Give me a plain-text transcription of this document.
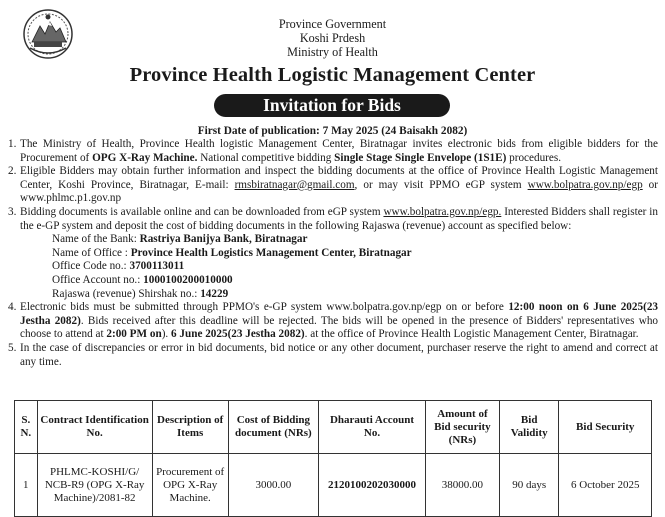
Province Government
Koshi Prdesh
Ministry of Health
Province Health Logistic Management Center
Invitation for Bids
First Date of publication: 7 May 2025 (24 Baisakh 2082)
1. The Ministry of Health, Province Health logistic Management Center, Biratnagar invites electronic bids from eligible bidders for the Procurement of OPG X-Ray Machine. National competitive bidding Single Stage Single Envelope (1S1E) procedures.
2. Eligible Bidders may obtain further information and inspect the bidding documents at the office of Province Health Logistic Management Center, Koshi Province, Biratnagar, E-mail: rmsbiratnagar@gmail.com, or may visit PPMO eGP system www.bolpatra.gov.np/egp or www.phlmc.p1.gov.np
3. Bidding documents is available online and can be downloaded from eGP system www.bolpatra.gov.np/egp. Interested Bidders shall register in the e-GP system and deposit the cost of bidding documents in the following Rajaswa (revenue) account as specified below:
Name of the Bank: Rastriya Banijya Bank, Biratnagar
Name of Office : Province Health Logistics Management Center, Biratnagar
Office Code no.: 3700113011
Office Account no.: 1000100200010000
Rajaswa (revenue) Shirshak no.: 14229
4. Electronic bids must be submitted through PPMO's e-GP system www.bolpatra.gov.np/egp on or before 12:00 noon on 6 June 2025(23 Jestha 2082). Bids received after this deadline will be rejected. The bids will be opened in the presence of Bidders' representatives who choose to attend at 2:00 PM on). 6 June 2025(23 Jestha 2082). at the office of Province Health Logistic Management Center, Biratnagar.
5. In the case of discrepancies or error in bid documents, bid notice or any other document, purchaser reserve the right to amend and correct at any time.
S. N.	Contract Identification No.	Description of Items	Cost of Bidding document (NRs)	Dharauti Account No.	Amount of Bid security (NRs)	Bid Validity	Bid Security
1	PHLMC-KOSHI/G/ NCB-R9 (OPG X-Ray Machine)/2081-82	Procurement of OPG X-Ray Machine.	3000.00	2120100202030000	38000.00	90 days	6 October 2025
